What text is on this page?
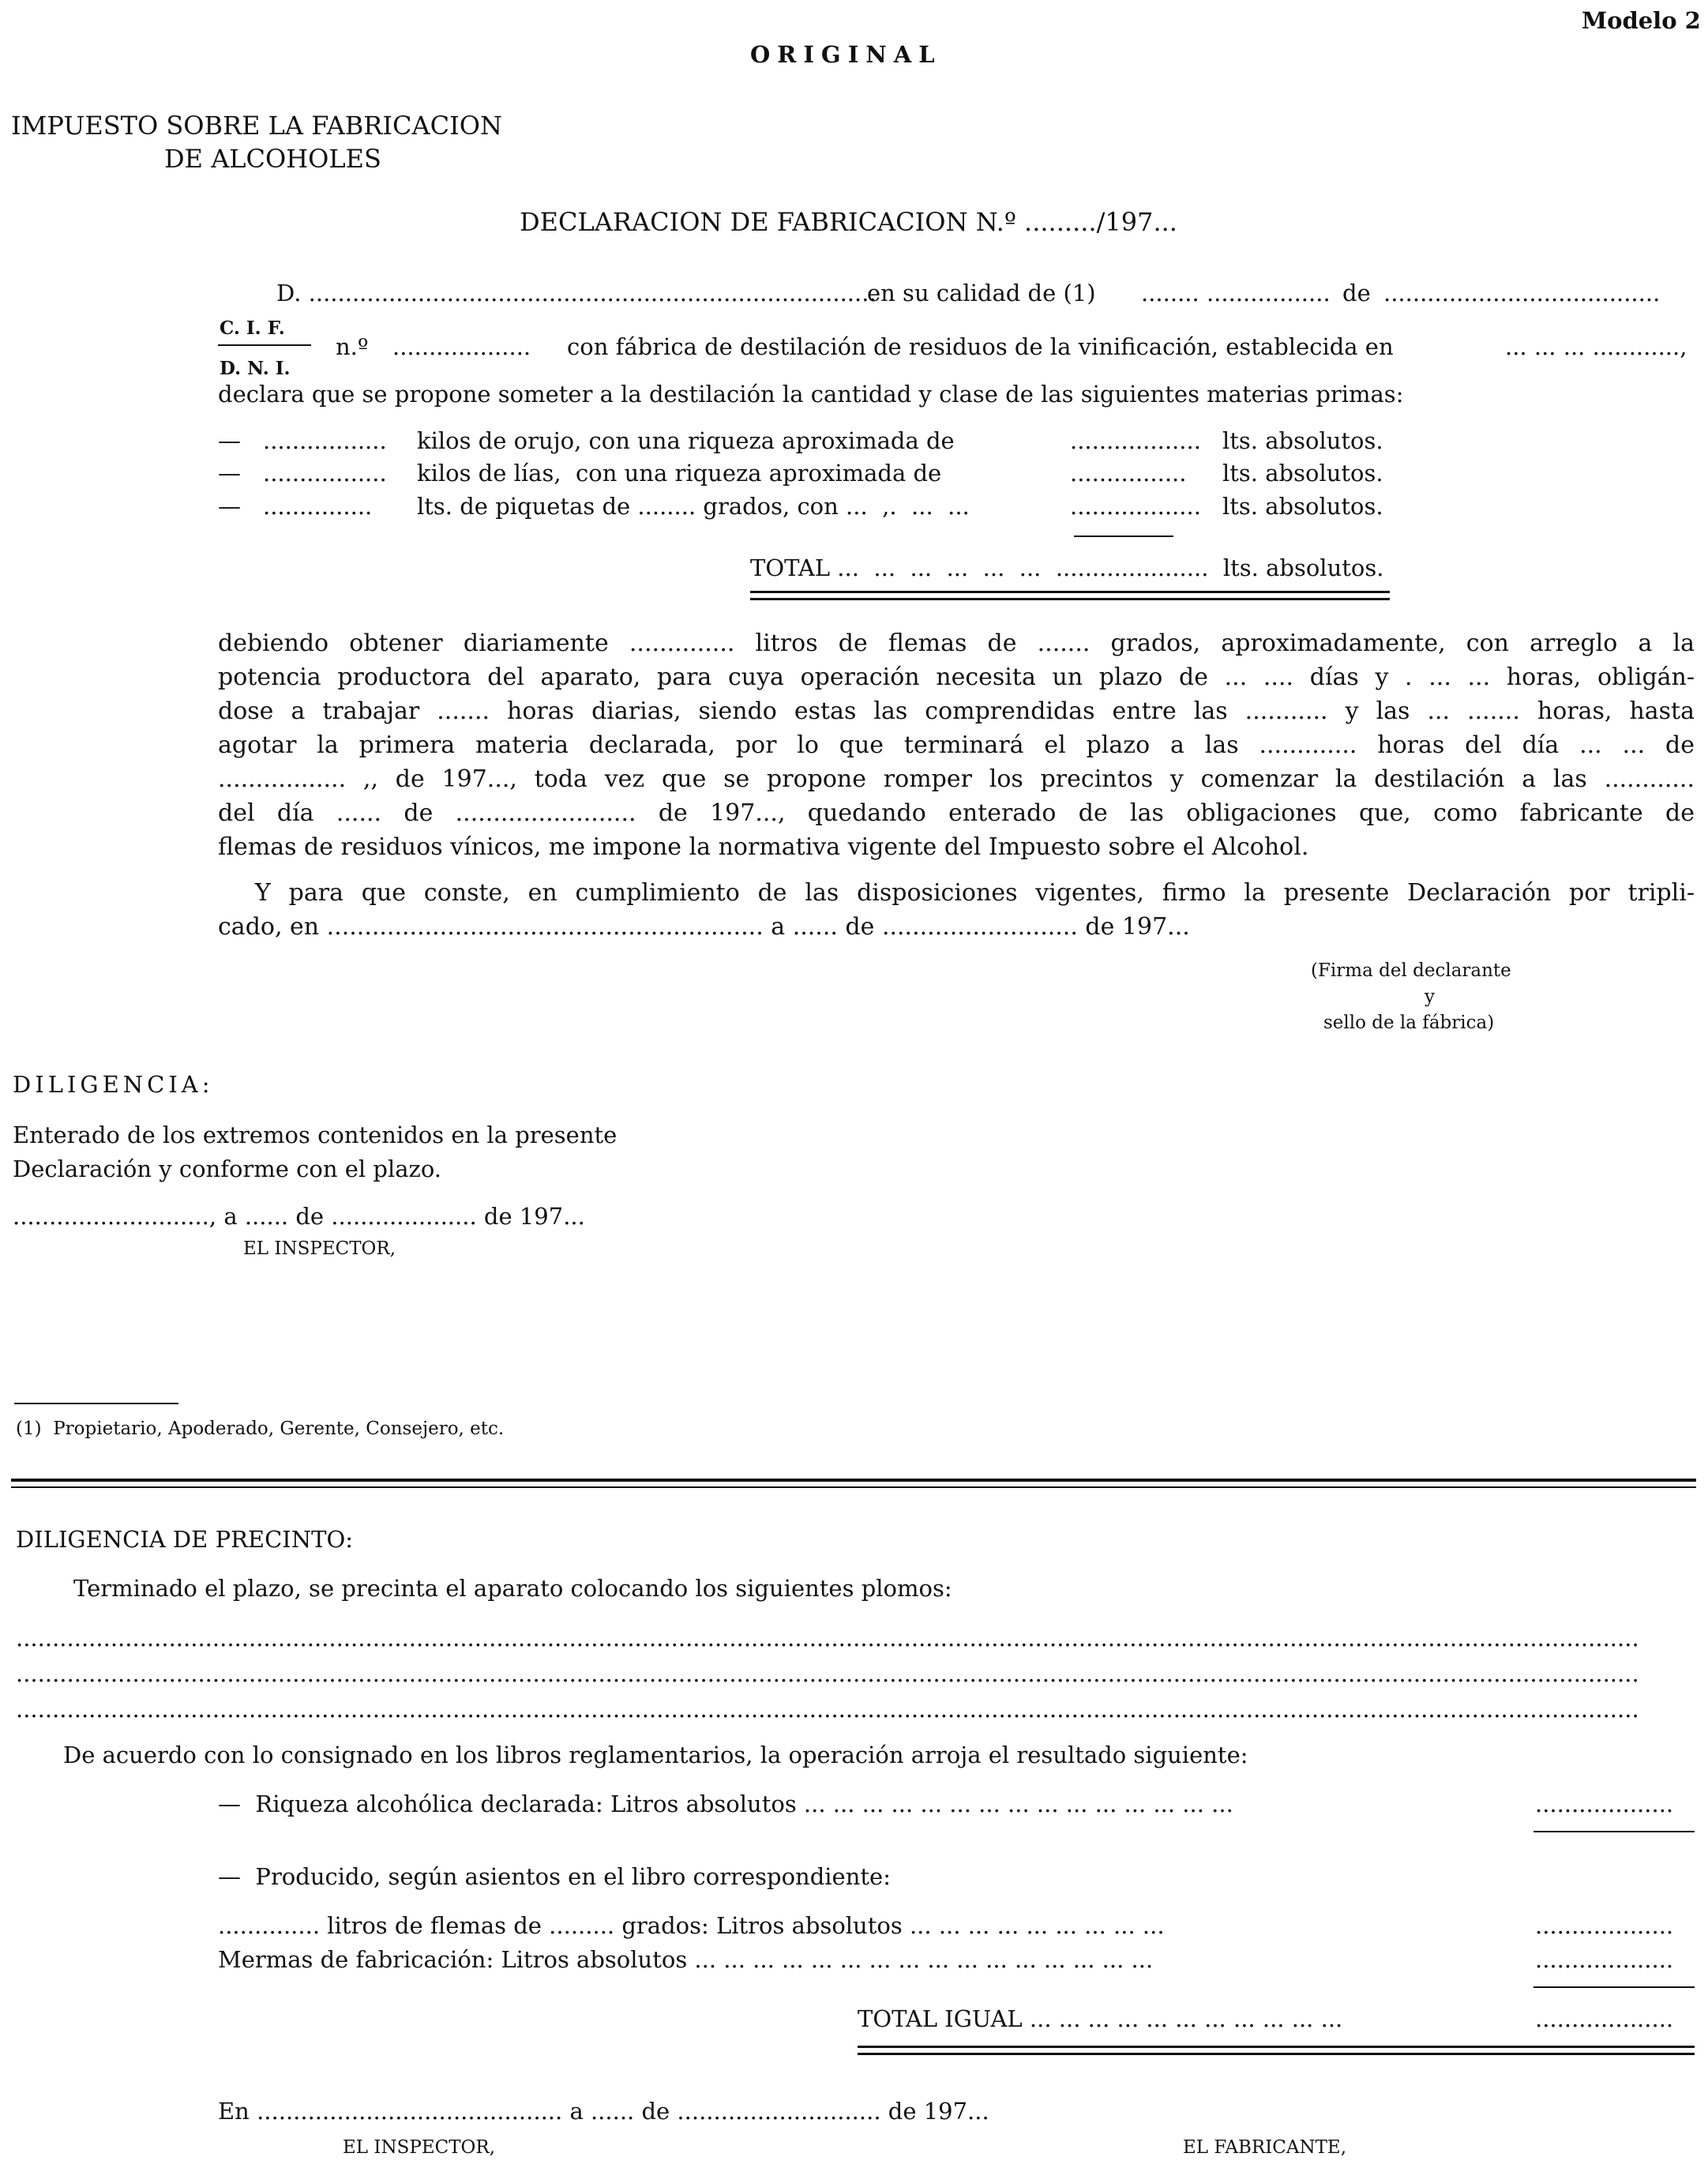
Modelo 2
ORIGINAL
IMPUESTO SOBRE LA FABRICACION
DE ALCOHOLES
DECLARACION DE FABRICACION N.º ........./197...
D. ..............................................................................
en su calidad de (1) ........ ................. de ......................................
C. I. F.
D. N. I.
n.º ................... con fábrica de destilación de residuos de la vinificación, establecida en	... ... ... ............,
declara que se propone someter a la destilación la cantidad y clase de las siguientes materias primas:
— ................. kilos de orujo, con una riqueza aproximada de	.................. lts. absolutos.
— ................. kilos de lías,  con una riqueza aproximada de	................ lts. absolutos.
— ............... lts. de piquetas de ........ grados, con ...  ,.  ...  ...	.................. lts. absolutos.
TOTAL ...  ...  ...  ...  ...  ...  .....................  lts. absolutos.
debiendo obtener diariamente .............. litros de flemas de ....... grados, aproximadamente, con arreglo a la
potencia productora del aparato, para cuya operación necesita un plazo de ... .... días y . ... ... horas, obligán-
dose a trabajar ....... horas diarias, siendo estas las comprendidas entre las ........... y las ... ....... horas, hasta
agotar la primera materia declarada, por lo que terminará el plazo a las ............. horas del día ... ... de
................. ,, de 197..., toda vez que se propone romper los precintos y comenzar la destilación a las ............
del día ...... de ........................ de 197..., quedando enterado de las obligaciones que, como fabricante de
flemas de residuos vínicos, me impone la normativa vigente del Impuesto sobre el Alcohol.
Y para que conste, en cumplimiento de las disposiciones vigentes, firmo la presente Declaración por tripli-
cado, en .......................................................... a ...... de .......................... de 197...
(Firma del declarante
y
sello de la fábrica)
DILIGENCIA:
Enterado de los extremos contenidos en la presente
Declaración y conforme con el plazo.
..........................., a ...... de .................... de 197...
EL INSPECTOR,
(1)  Propietario, Apoderado, Gerente, Consejero, etc.
DILIGENCIA DE PRECINTO:
Terminado el plazo, se precinta el aparato colocando los siguientes plomos:
...............................................................................................................................................................................................................................
...............................................................................................................................................................................................................................
...............................................................................................................................................................................................................................
De acuerdo con lo consignado en los libros reglamentarios, la operación arroja el resultado siguiente:
—  Riqueza alcohólica declarada: Litros absolutos ... ... ... ... ... ... ... ... ... ... ... ... ... ... ...	...................
—  Producido, según asientos en el libro correspondiente:
.............. litros de flemas de ......... grados: Litros absolutos ... ... ... ... ... ... ... ... ...	...................
Mermas de fabricación: Litros absolutos ... ... ... ... ... ... ... ... ... ... ... ... ... ... ... ...	...................
TOTAL IGUAL ... ... ... ... ... ... ... ... ... ... ...	...................
En .......................................... a ...... de ............................ de 197...
EL INSPECTOR,	EL FABRICANTE,
